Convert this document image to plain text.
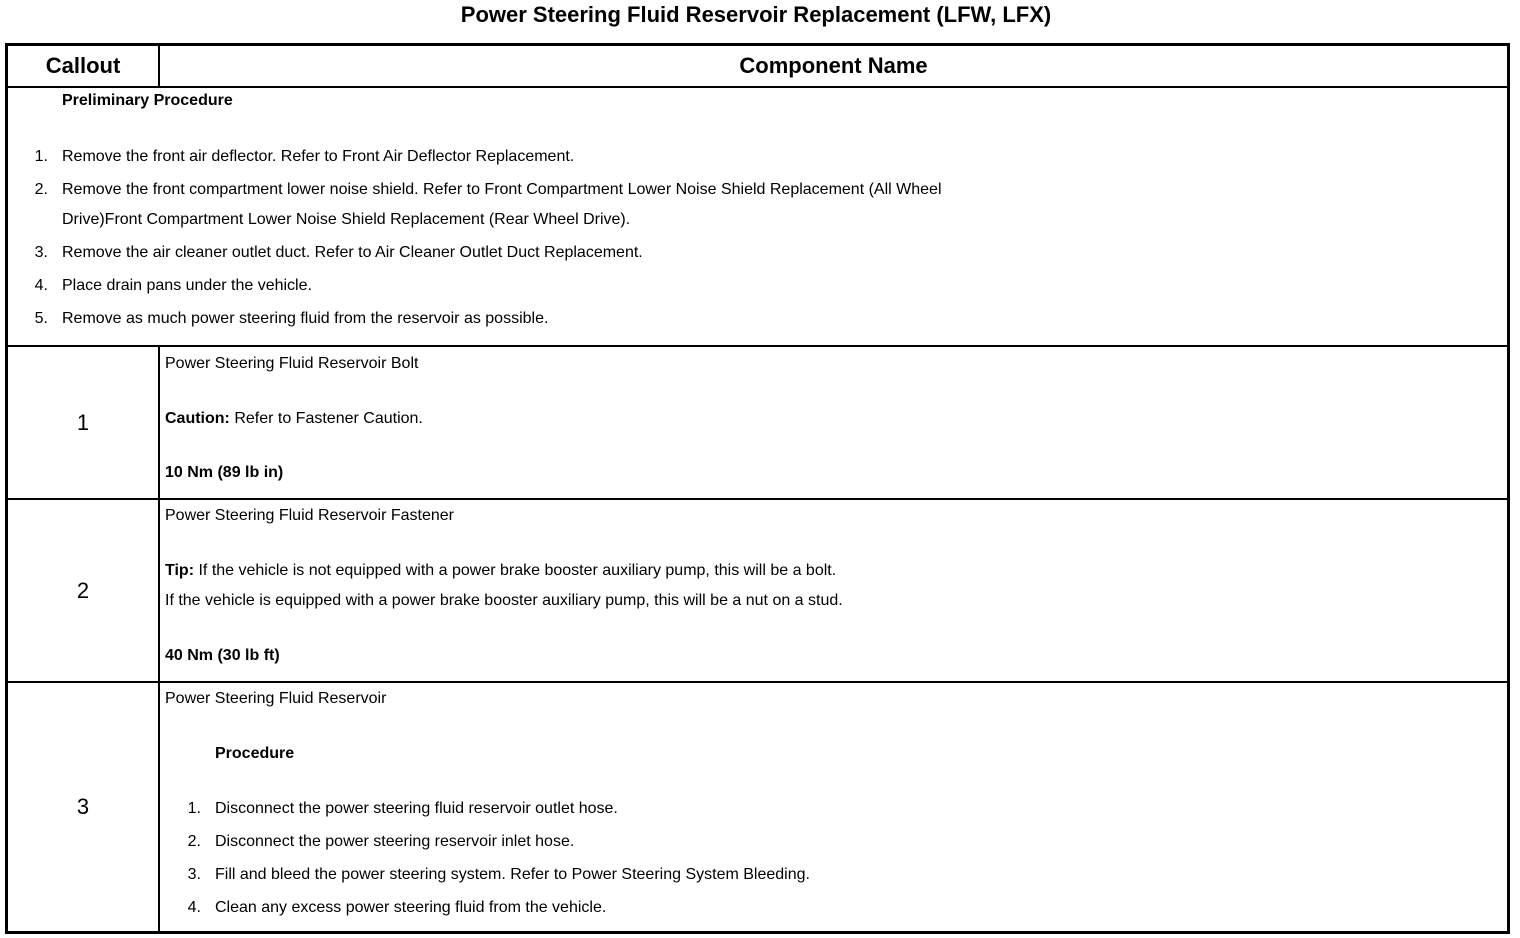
Power Steering Fluid Reservoir Replacement (LFW, LFX)
Callout	Component Name
Preliminary Procedure
1. Remove the front air deflector. Refer to Front Air Deflector Replacement.
2. Remove the front compartment lower noise shield. Refer to Front Compartment Lower Noise Shield Replacement (All Wheel
Drive)Front Compartment Lower Noise Shield Replacement (Rear Wheel Drive).
3. Remove the air cleaner outlet duct. Refer to Air Cleaner Outlet Duct Replacement.
4. Place drain pans under the vehicle.
5. Remove as much power steering fluid from the reservoir as possible.
1
Power Steering Fluid Reservoir Bolt
Caution: Refer to Fastener Caution.
10 Nm (89 lb in)
2
Power Steering Fluid Reservoir Fastener
Tip: If the vehicle is not equipped with a power brake booster auxiliary pump, this will be a bolt.
If the vehicle is equipped with a power brake booster auxiliary pump, this will be a nut on a stud.
40 Nm (30 lb ft)
3
Power Steering Fluid Reservoir
Procedure
1. Disconnect the power steering fluid reservoir outlet hose.
2. Disconnect the power steering reservoir inlet hose.
3. Fill and bleed the power steering system. Refer to Power Steering System Bleeding.
4. Clean any excess power steering fluid from the vehicle.
